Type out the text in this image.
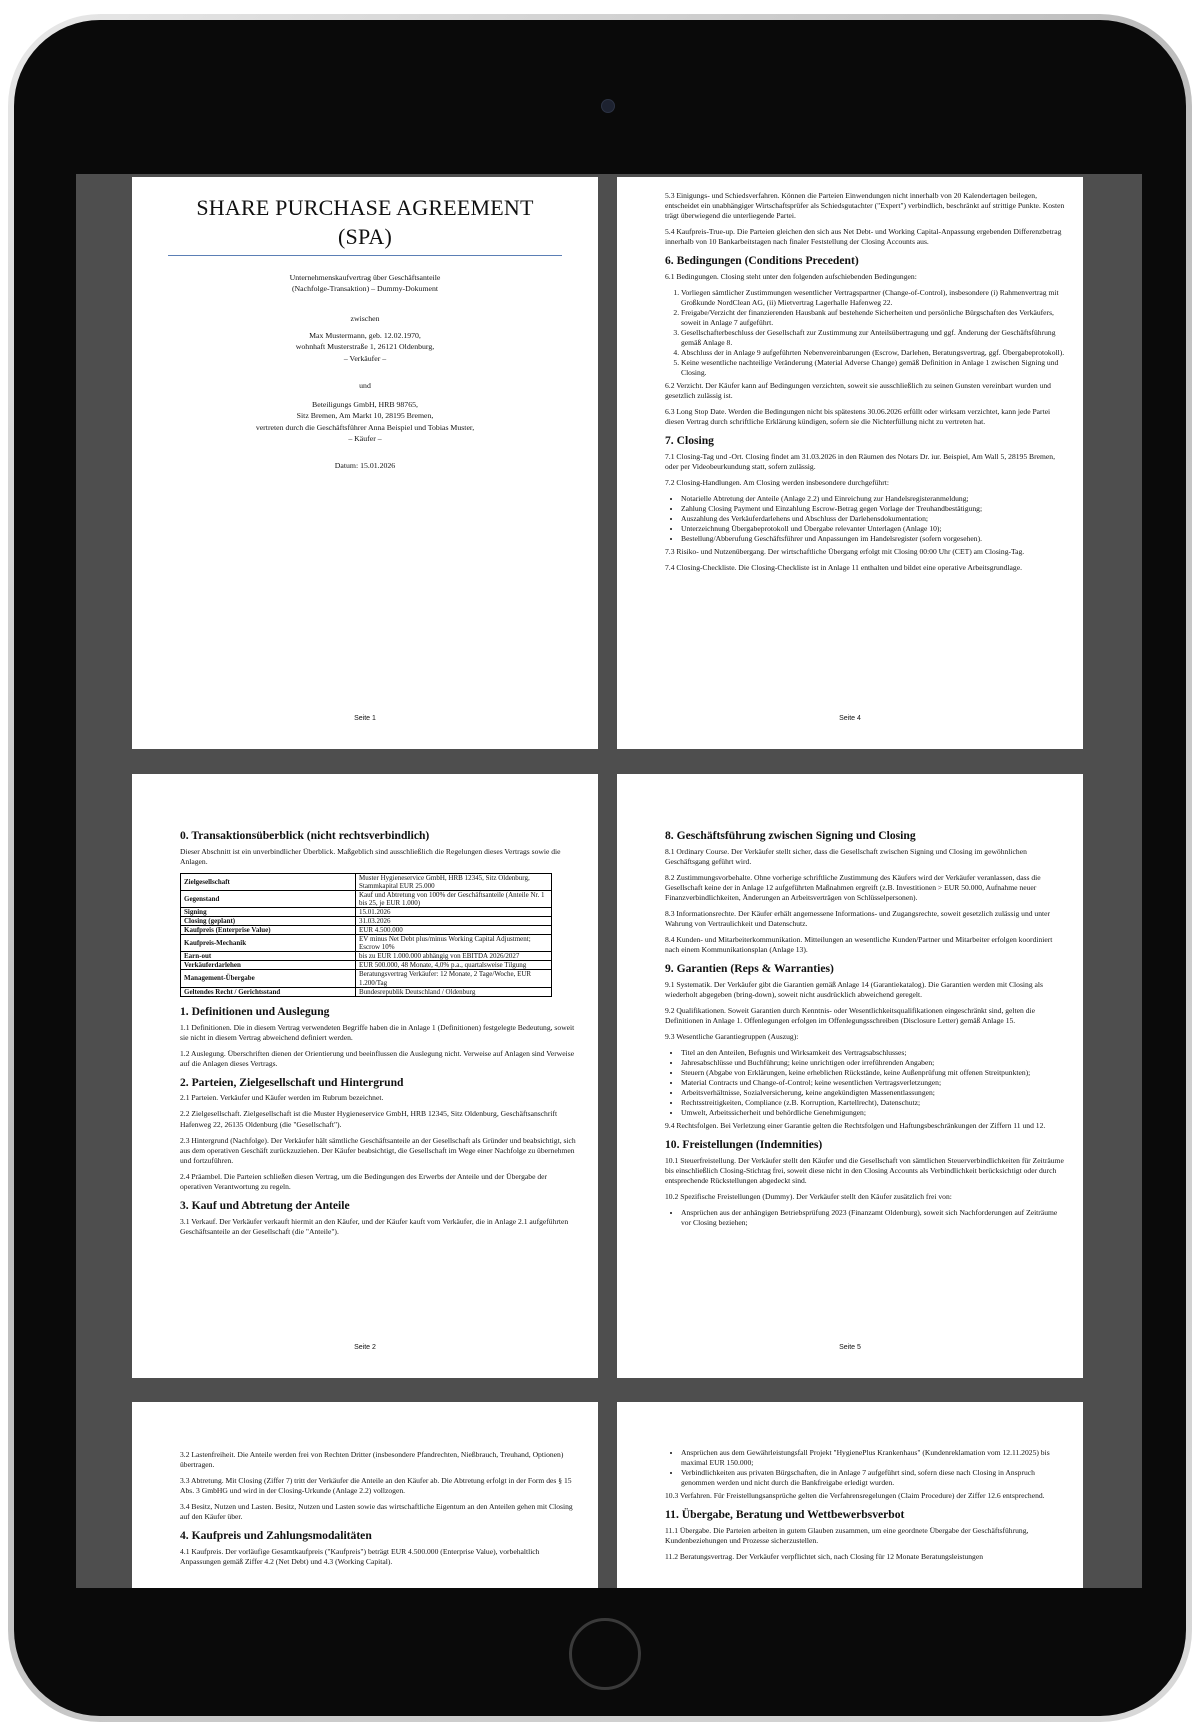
SHARE PURCHASE AGREEMENT (SPA)

Unternehmenskaufvertrag über Geschäftsanteile

(Nachfolge-Transaktion) – Dummy-Dokument

zwischen

Max Mustermann, geb. 12.02.1970,

wohnhaft Musterstraße 1, 26121 Oldenburg,

– Verkäufer –

und

Beteiligungs GmbH, HRB 98765,

Sitz Bremen, Am Markt 10, 28195 Bremen,

vertreten durch die Geschäftsführer Anna Beispiel und Tobias Muster,

– Käufer –

Datum: 15.01.2026

Seite 1

5.3 Einigungs- und Schiedsverfahren. Können die Parteien Einwendungen nicht innerhalb von 20 Kalendertagen beilegen, entscheidet ein unabhängiger Wirtschaftsprüfer als Schiedsgutachter ("Expert") verbindlich, beschränkt auf strittige Punkte. Kosten trägt überwiegend die unterliegende Partei.

5.4 Kaufpreis-True-up. Die Parteien gleichen den sich aus Net Debt- und Working Capital-Anpassung ergebenden Differenzbetrag innerhalb von 10 Bankarbeitstagen nach finaler Feststellung der Closing Accounts aus.

6. Bedingungen (Conditions Precedent)

6.1 Bedingungen. Closing steht unter den folgenden aufschiebenden Bedingungen:

1. Vorliegen sämtlicher Zustimmungen wesentlicher Vertragspartner (Change-of-Control), insbesondere (i) Rahmenvertrag mit Großkunde NordClean AG, (ii) Mietvertrag Lagerhalle Hafenweg 22.
2. Freigabe/Verzicht der finanzierenden Hausbank auf bestehende Sicherheiten und persönliche Bürgschaften des Verkäufers, soweit in Anlage 7 aufgeführt.
3. Gesellschafterbeschluss der Gesellschaft zur Zustimmung zur Anteilsübertragung und ggf. Änderung der Geschäftsführung gemäß Anlage 8.
4. Abschluss der in Anlage 9 aufgeführten Nebenvereinbarungen (Escrow, Darlehen, Beratungsvertrag, ggf. Übergabeprotokoll).
5. Keine wesentliche nachteilige Veränderung (Material Adverse Change) gemäß Definition in Anlage 1 zwischen Signing und Closing.

6.2 Verzicht. Der Käufer kann auf Bedingungen verzichten, soweit sie ausschließlich zu seinen Gunsten vereinbart wurden und gesetzlich zulässig ist.

6.3 Long Stop Date. Werden die Bedingungen nicht bis spätestens 30.06.2026 erfüllt oder wirksam verzichtet, kann jede Partei diesen Vertrag durch schriftliche Erklärung kündigen, sofern sie die Nichterfüllung nicht zu vertreten hat.

7. Closing

7.1 Closing-Tag und -Ort. Closing findet am 31.03.2026 in den Räumen des Notars Dr. iur. Beispiel, Am Wall 5, 28195 Bremen, oder per Videobeurkundung statt, sofern zulässig.

7.2 Closing-Handlungen. Am Closing werden insbesondere durchgeführt:

• Notarielle Abtretung der Anteile (Anlage 2.2) und Einreichung zur Handelsregisteranmeldung;
• Zahlung Closing Payment und Einzahlung Escrow-Betrag gegen Vorlage der Treuhandbestätigung;
• Auszahlung des Verkäuferdarlehens und Abschluss der Darlehensdokumentation;
• Unterzeichnung Übergabeprotokoll und Übergabe relevanter Unterlagen (Anlage 10);
• Bestellung/Abberufung Geschäftsführer und Anpassungen im Handelsregister (sofern vorgesehen).

7.3 Risiko- und Nutzenübergang. Der wirtschaftliche Übergang erfolgt mit Closing 00:00 Uhr (CET) am Closing-Tag.

7.4 Closing-Checkliste. Die Closing-Checkliste ist in Anlage 11 enthalten und bildet eine operative Arbeitsgrundlage.

Seite 4
0. Transaktionsüberblick (nicht rechtsverbindlich)

Dieser Abschnitt ist ein unverbindlicher Überblick. Maßgeblich sind ausschließlich die Regelungen dieses Vertrags sowie die Anlagen.

Zielgesellschaft	Muster Hygieneservice GmbH, HRB 12345, Sitz Oldenburg, Stammkapital EUR 25.000
Gegenstand	Kauf und Abtretung von 100% der Geschäftsanteile (Anteile Nr. 1 bis 25, je EUR 1.000)
Signing	15.01.2026
Closing (geplant)	31.03.2026
Kaufpreis (Enterprise Value)	EUR 4.500.000
Kaufpreis-Mechanik	EV minus Net Debt plus/minus Working Capital Adjustment; Escrow 10%
Earn-out	bis zu EUR 1.000.000 abhängig von EBITDA 2026/2027
Verkäuferdarlehen	EUR 500.000, 48 Monate, 4,0% p.a., quartalsweise Tilgung
Management-Übergabe	Beratungsvertrag Verkäufer: 12 Monate, 2 Tage/Woche, EUR 1.200/Tag
Geltendes Recht / Gerichtsstand	Bundesrepublik Deutschland / Oldenburg
1. Definitionen und Auslegung

1.1 Definitionen. Die in diesem Vertrag verwendeten Begriffe haben die in Anlage 1 (Definitionen) festgelegte Bedeutung, soweit sie nicht in diesem Vertrag abweichend definiert werden.

1.2 Auslegung. Überschriften dienen der Orientierung und beeinflussen die Auslegung nicht. Verweise auf Anlagen sind Verweise auf die Anlagen dieses Vertrags.

2. Parteien, Zielgesellschaft und Hintergrund

2.1 Parteien. Verkäufer und Käufer werden im Rubrum bezeichnet.

2.2 Zielgesellschaft. Zielgesellschaft ist die Muster Hygieneservice GmbH, HRB 12345, Sitz Oldenburg, Geschäftsanschrift Hafenweg 22, 26135 Oldenburg (die "Gesellschaft").

2.3 Hintergrund (Nachfolge). Der Verkäufer hält sämtliche Geschäftsanteile an der Gesellschaft als Gründer und beabsichtigt, sich aus dem operativen Geschäft zurückzuziehen. Der Käufer beabsichtigt, die Gesellschaft im Wege einer Nachfolge zu übernehmen und fortzuführen.

2.4 Präambel. Die Parteien schließen diesen Vertrag, um die Bedingungen des Erwerbs der Anteile und der Übergabe der operativen Verantwortung zu regeln.

3. Kauf und Abtretung der Anteile

3.1 Verkauf. Der Verkäufer verkauft hiermit an den Käufer, und der Käufer kauft vom Verkäufer, die in Anlage 2.1 aufgeführten Geschäftsanteile an der Gesellschaft (die "Anteile").

Seite 2
8. Geschäftsführung zwischen Signing und Closing

8.1 Ordinary Course. Der Verkäufer stellt sicher, dass die Gesellschaft zwischen Signing und Closing im gewöhnlichen Geschäftsgang geführt wird.

8.2 Zustimmungsvorbehalte. Ohne vorherige schriftliche Zustimmung des Käufers wird der Verkäufer veranlassen, dass die Gesellschaft keine der in Anlage 12 aufgeführten Maßnahmen ergreift (z.B. Investitionen > EUR 50.000, Aufnahme neuer Finanzverbindlichkeiten, Änderungen an Arbeitsverträgen von Schlüsselpersonen).

8.3 Informationsrechte. Der Käufer erhält angemessene Informations- und Zugangsrechte, soweit gesetzlich zulässig und unter Wahrung von Vertraulichkeit und Datenschutz.

8.4 Kunden- und Mitarbeiterkommunikation. Mitteilungen an wesentliche Kunden/Partner und Mitarbeiter erfolgen koordiniert nach einem Kommunikationsplan (Anlage 13).

9. Garantien (Reps & Warranties)

9.1 Systematik. Der Verkäufer gibt die Garantien gemäß Anlage 14 (Garantiekatalog). Die Garantien werden mit Closing als wiederholt abgegeben (bring-down), soweit nicht ausdrücklich abweichend geregelt.

9.2 Qualifikationen. Soweit Garantien durch Kenntnis- oder Wesentlichkeitsqualifikationen eingeschränkt sind, gelten die Definitionen in Anlage 1. Offenlegungen erfolgen im Offenlegungsschreiben (Disclosure Letter) gemäß Anlage 15.

9.3 Wesentliche Garantiegruppen (Auszug):

• Titel an den Anteilen, Befugnis und Wirksamkeit des Vertragsabschlusses;
• Jahresabschlüsse und Buchführung; keine unrichtigen oder irreführenden Angaben;
• Steuern (Abgabe von Erklärungen, keine erheblichen Rückstände, keine Außenprüfung mit offenen Streitpunkten);
• Material Contracts und Change-of-Control; keine wesentlichen Vertragsverletzungen;
• Arbeitsverhältnisse, Sozialversicherung, keine angekündigten Massenentlassungen;
• Rechtsstreitigkeiten, Compliance (z.B. Korruption, Kartellrecht), Datenschutz;
• Umwelt, Arbeitssicherheit und behördliche Genehmigungen;

9.4 Rechtsfolgen. Bei Verletzung einer Garantie gelten die Rechtsfolgen und Haftungsbeschränkungen der Ziffern 11 und 12.

10. Freistellungen (Indemnities)

10.1 Steuerfreistellung. Der Verkäufer stellt den Käufer und die Gesellschaft von sämtlichen Steuerverbindlichkeiten für Zeiträume bis einschließlich Closing-Stichtag frei, soweit diese nicht in den Closing Accounts als Verbindlichkeit berücksichtigt oder durch entsprechende Rückstellungen abgedeckt sind.

10.2 Spezifische Freistellungen (Dummy). Der Verkäufer stellt den Käufer zusätzlich frei von:

• Ansprüchen aus der anhängigen Betriebsprüfung 2023 (Finanzamt Oldenburg), soweit sich Nachforderungen auf Zeiträume vor Closing beziehen;
Seite 5

3.2 Lastenfreiheit. Die Anteile werden frei von Rechten Dritter (insbesondere Pfandrechten, Nießbrauch, Treuhand, Optionen) übertragen.

3.3 Abtretung. Mit Closing (Ziffer 7) tritt der Verkäufer die Anteile an den Käufer ab. Die Abtretung erfolgt in der Form des § 15 Abs. 3 GmbHG und wird in der Closing-Urkunde (Anlage 2.2) vollzogen.

3.4 Besitz, Nutzen und Lasten. Besitz, Nutzen und Lasten sowie das wirtschaftliche Eigentum an den Anteilen gehen mit Closing auf den Käufer über.

4. Kaufpreis und Zahlungsmodalitäten

4.1 Kaufpreis. Der vorläufige Gesamtkaufpreis ("Kaufpreis") beträgt EUR 4.500.000 (Enterprise Value), vorbehaltlich Anpassungen gemäß Ziffer 4.2 (Net Debt) und 4.3 (Working Capital).

• Ansprüchen aus dem Gewährleistungsfall Projekt "HygienePlus Krankenhaus" (Kundenreklamation vom 12.11.2025) bis maximal EUR 150.000;
• Verbindlichkeiten aus privaten Bürgschaften, die in Anlage 7 aufgeführt sind, sofern diese nach Closing in Anspruch genommen werden und nicht durch die Bankfreigabe erledigt wurden.

10.3 Verfahren. Für Freistellungsansprüche gelten die Verfahrensregelungen (Claim Procedure) der Ziffer 12.6 entsprechend.

11. Übergabe, Beratung und Wettbewerbsverbot

11.1 Übergabe. Die Parteien arbeiten in gutem Glauben zusammen, um eine geordnete Übergabe der Geschäftsführung, Kundenbeziehungen und Prozesse sicherzustellen.

11.2 Beratungsvertrag. Der Verkäufer verpflichtet sich, nach Closing für 12 Monate Beratungsleistungen
